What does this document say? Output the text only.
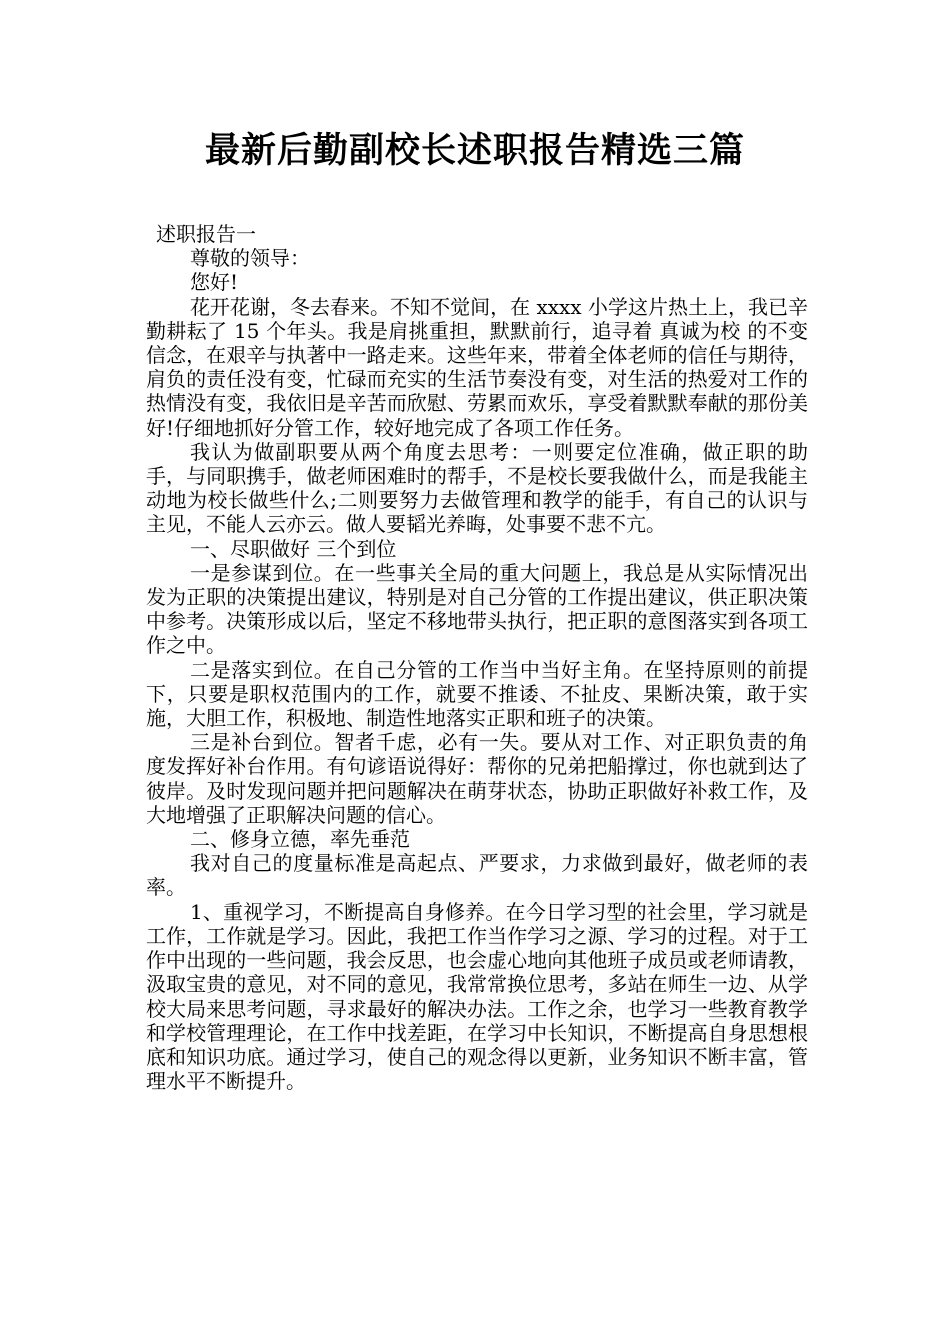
最新后勤副校长述职报告精选三篇

述职报告一

尊敬的领导：

您好!

花开花谢，冬去春来。不知不觉间，在 xxxx 小学这片热土上，我已辛勤耕耘了 15 个年头。我是肩挑重担，默默前行，追寻着 真诚为校 的不变信念，在艰辛与执著中一路走来。这些年来，带着全体老师的信任与期待，肩负的责任没有变，忙碌而充实的生活节奏没有变，对生活的热爱对工作的热情没有变，我依旧是辛苦而欣慰、劳累而欢乐，享受着默默奉献的那份美好!仔细地抓好分管工作，较好地完成了各项工作任务。

我认为做副职要从两个角度去思考：一则要定位准确，做正职的助手，与同职携手，做老师困难时的帮手，不是校长要我做什么，而是我能主动地为校长做些什么;二则要努力去做管理和教学的能手，有自己的认识与主见，不能人云亦云。做人要韬光养晦，处事要不悲不亢。

一、尽职做好 三个到位

一是参谋到位。在一些事关全局的重大问题上，我总是从实际情况出发为正职的决策提出建议，特别是对自己分管的工作提出建议，供正职决策中参考。决策形成以后，坚定不移地带头执行，把正职的意图落实到各项工作之中。

二是落实到位。在自己分管的工作当中当好主角。在坚持原则的前提下，只要是职权范围内的工作，就要不推诿、不扯皮、果断决策，敢于实施，大胆工作，积极地、制造性地落实正职和班子的决策。

三是补台到位。智者千虑，必有一失。要从对工作、对正职负责的角度发挥好补台作用。有句谚语说得好：帮你的兄弟把船撑过，你也就到达了彼岸。及时发现问题并把问题解决在萌芽状态，协助正职做好补救工作，及大地增强了正职解决问题的信心。

二、修身立德，率先垂范

我对自己的度量标准是高起点、严要求，力求做到最好，做老师的表率。

1、重视学习，不断提高自身修养。在今日学习型的社会里，学习就是工作，工作就是学习。因此，我把工作当作学习之源、学习的过程。对于工作中出现的一些问题，我会反思，也会虚心地向其他班子成员或老师请教，汲取宝贵的意见，对不同的意见，我常常换位思考，多站在师生一边、从学校大局来思考问题，寻求最好的解决办法。工作之余，也学习一些教育教学和学校管理理论，在工作中找差距，在学习中长知识，不断提高自身思想根底和知识功底。通过学习，使自己的观念得以更新，业务知识不断丰富，管理水平不断提升。
